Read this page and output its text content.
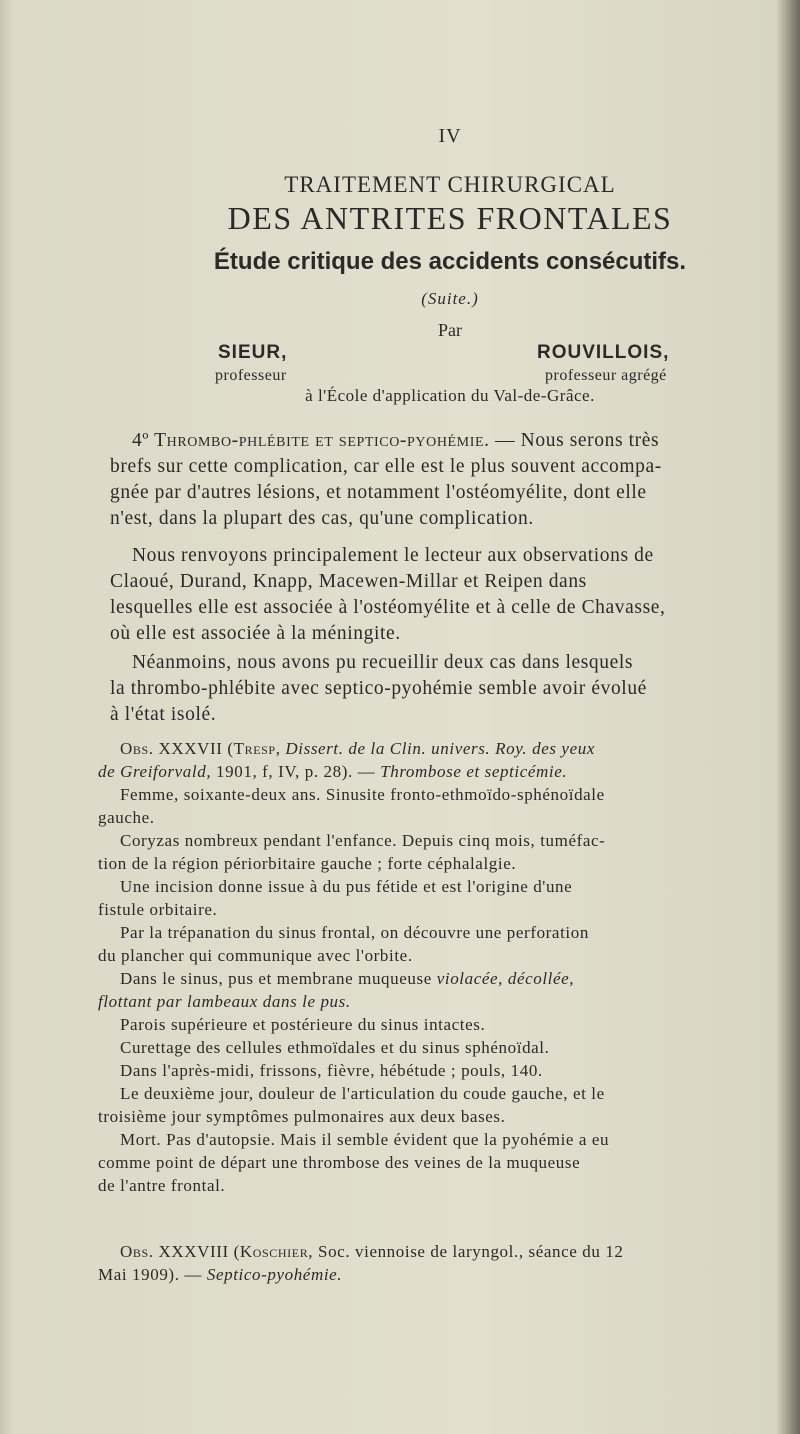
IV
TRAITEMENT CHIRURGICAL
DES ANTRITES FRONTALES
Étude critique des accidents consécutifs.
(Suite.)
Par
SIEUR,	ROUVILLOIS,
professeur	professeur agrégé
à l'École d'application du Val-de-Grâce.
4º Thrombo-phlébite et septico-pyohémie. — Nous serons très
brefs sur cette complication, car elle est le plus souvent accompa-
gnée par d'autres lésions, et notamment l'ostéomyélite, dont elle
n'est, dans la plupart des cas, qu'une complication.
Nous renvoyons principalement le lecteur aux observations de
Claoué, Durand, Knapp, Macewen-Millar et Reipen dans
lesquelles elle est associée à l'ostéomyélite et à celle de Chavasse,
où elle est associée à la méningite.
Néanmoins, nous avons pu recueillir deux cas dans lesquels
la thrombo-phlébite avec septico-pyohémie semble avoir évolué
à l'état isolé.
Obs. XXXVII (Tresp, Dissert. de la Clin. univers. Roy. des yeux
de Greiforvald, 1901, f, IV, p. 28). — Thrombose et septicémie.
Femme, soixante-deux ans. Sinusite fronto-ethmoïdo-sphénoïdale
gauche.
Coryzas nombreux pendant l'enfance. Depuis cinq mois, tuméfac-
tion de la région périorbitaire gauche ; forte céphalalgie.
Une incision donne issue à du pus fétide et est l'origine d'une
fistule orbitaire.
Par la trépanation du sinus frontal, on découvre une perforation
du plancher qui communique avec l'orbite.
Dans le sinus, pus et membrane muqueuse violacée, décollée,
flottant par lambeaux dans le pus.
Parois supérieure et postérieure du sinus intactes.
Curettage des cellules ethmoïdales et du sinus sphénoïdal.
Dans l'après-midi, frissons, fièvre, hébétude ; pouls, 140.
Le deuxième jour, douleur de l'articulation du coude gauche, et le
troisième jour symptômes pulmonaires aux deux bases.
Mort. Pas d'autopsie. Mais il semble évident que la pyohémie a eu
comme point de départ une thrombose des veines de la muqueuse
de l'antre frontal.
Obs. XXXVIII (Koschier, Soc. viennoise de laryngol., séance du 12
Mai 1909). — Septico-pyohémie.
